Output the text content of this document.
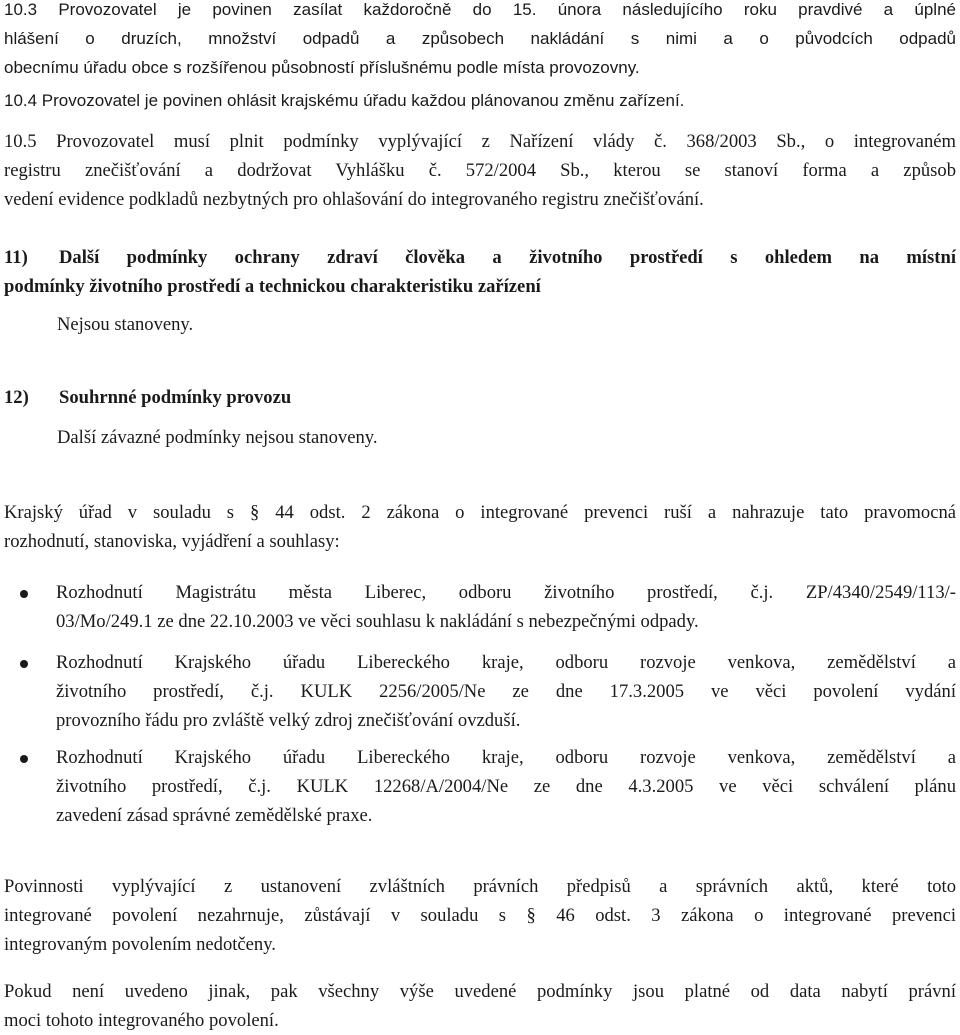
10.3 Provozovatel je povinen zasílat každoročně do 15. února následujícího roku pravdivé a úplné
hlášení o druzích, množství odpadů a způsobech nakládání s nimi a o původcích odpadů
obecnímu úřadu obce s rozšířenou působností příslušnému podle místa provozovny.
10.4 Provozovatel je povinen ohlásit krajskému úřadu každou plánovanou změnu zařízení.
10.5 Provozovatel musí plnit podmínky vyplývající z Nařízení vlády č. 368/2003 Sb., o integrovaném
registru znečišťování a dodržovat Vyhlášku č. 572/2004 Sb., kterou se stanoví forma a způsob
vedení evidence podkladů nezbytných pro ohlašování do integrovaného registru znečišťování.
11) Další podmínky ochrany zdraví člověka a životního prostředí s ohledem na místní
podmínky životního prostředí a technickou charakteristiku zařízení
Nejsou stanoveny.
12) Souhrnné podmínky provozu
Další závazné podmínky nejsou stanoveny.
Krajský úřad v souladu s § 44 odst. 2 zákona o integrované prevenci ruší a nahrazuje tato pravomocná
rozhodnutí, stanoviska, vyjádření a souhlasy:
Rozhodnutí Magistrátu města Liberec, odboru životního prostředí, č.j. ZP/4340/2549/113/-
03/Mo/249.1 ze dne 22.10.2003 ve věci souhlasu k nakládání s nebezpečnými odpady.
Rozhodnutí Krajského úřadu Libereckého kraje, odboru rozvoje venkova, zemědělství a
životního prostředí, č.j. KULK 2256/2005/Ne ze dne 17.3.2005 ve věci povolení vydání
provozního řádu pro zvláště velký zdroj znečišťování ovzduší.
Rozhodnutí Krajského úřadu Libereckého kraje, odboru rozvoje venkova, zemědělství a
životního prostředí, č.j. KULK 12268/A/2004/Ne ze dne 4.3.2005 ve věci schválení plánu
zavedení zásad správné zemědělské praxe.
Povinnosti vyplývající z ustanovení zvláštních právních předpisů a správních aktů, které toto
integrované povolení nezahrnuje, zůstávají v souladu s § 46 odst. 3 zákona o integrované prevenci
integrovaným povolením nedotčeny.
Pokud není uvedeno jinak, pak všechny výše uvedené podmínky jsou platné od data nabytí právní
moci tohoto integrovaného povolení.
